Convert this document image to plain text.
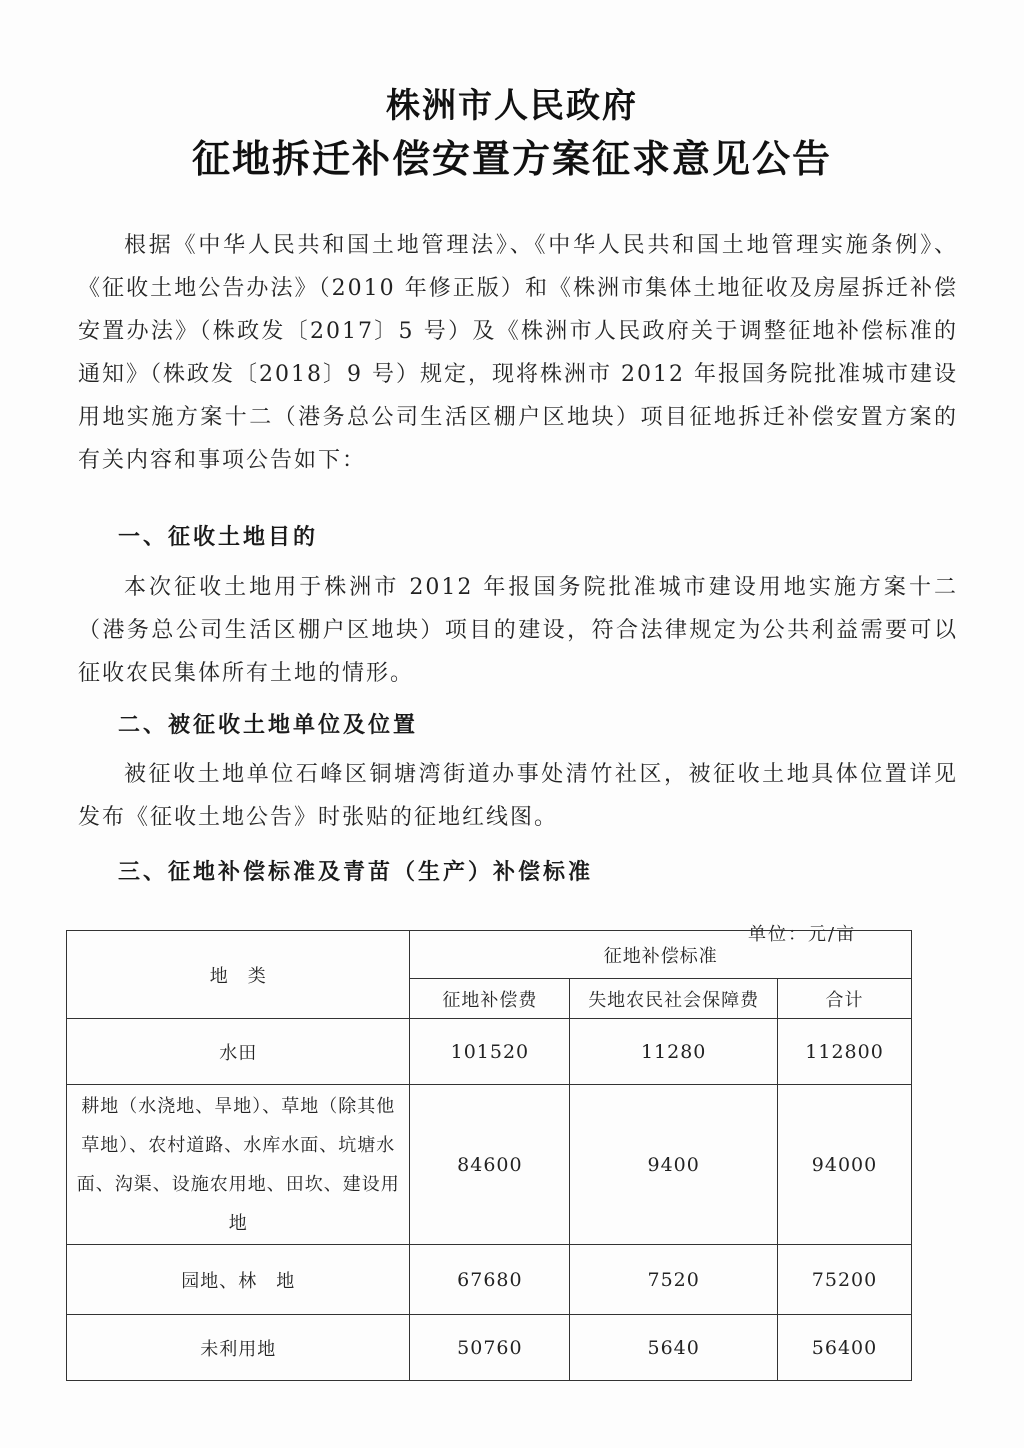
株洲市人民政府
征地拆迁补偿安置方案征求意见公告
根据《中华人民共和国土地管理法》、《中华人民共和国土地管理实施条例》、《征收土地公告办法》（2010 年修正版）和《株洲市集体土地征收及房屋拆迁补偿安置办法》（株政发〔2017〕5 号）及《株洲市人民政府关于调整征地补偿标准的通知》（株政发〔2018〕9 号）规定，现将株洲市 2012 年报国务院批准城市建设用地实施方案十二（港务总公司生活区棚户区地块）项目征地拆迁补偿安置方案的有关内容和事项公告如下：
一、征收土地目的
本次征收土地用于株洲市 2012 年报国务院批准城市建设用地实施方案十二（港务总公司生活区棚户区地块）项目的建设，符合法律规定为公共利益需要可以征收农民集体所有土地的情形。
二、被征收土地单位及位置
被征收土地单位石峰区铜塘湾街道办事处清竹社区，被征收土地具体位置详见发布《征收土地公告》时张贴的征地红线图。
三、征地补偿标准及青苗（生产）补偿标准
单位：元/亩
地　类	征地补偿标准		
	征地补偿费	失地农民社会保障费	合计
水田	101520	11280	112800
耕地（水浇地、旱地）、草地（除其他草地）、农村道路、水库水面、坑塘水面、沟渠、设施农用地、田坎、建设用地	84600	9400	94000
园地、林　地	67680	7520	75200
未利用地	50760	5640	56400
